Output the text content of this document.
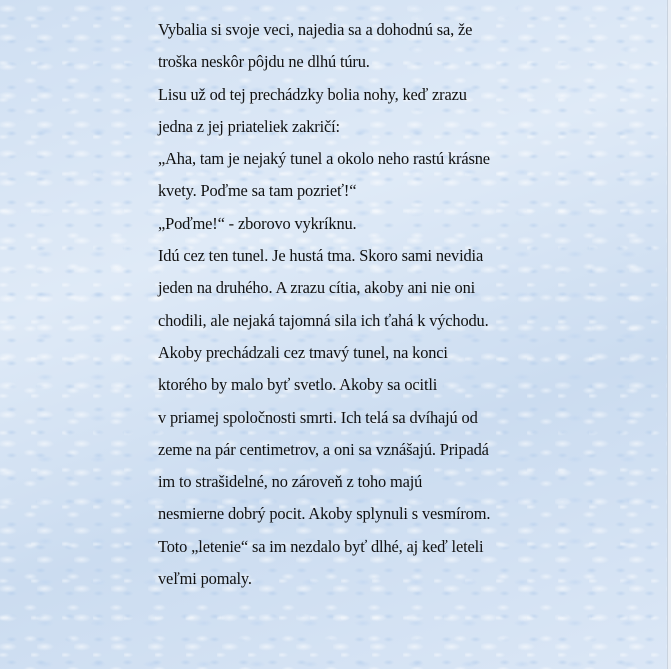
Vybalia si svoje veci, najedia sa a dohodnú sa, že
troška neskôr pôjdu ne dlhú túru.
Lisu už od tej prechádzky bolia nohy, keď zrazu
jedna z jej priateliek zakričí:
„Aha, tam je nejaký tunel a okolo neho rastú krásne
kvety. Poďme sa tam pozrieť!“
„Poďme!“ - zborovo vykríknu.
Idú cez ten tunel. Je hustá tma. Skoro sami nevidia
jeden na druhého. A zrazu cítia, akoby ani nie oni
chodili, ale nejaká tajomná sila ich ťahá k východu.
Akoby prechádzali cez tmavý tunel, na konci
ktorého by malo byť svetlo. Akoby sa ocitli
v priamej spoločnosti smrti. Ich telá sa dvíhajú od
zeme na pár centimetrov, a oni sa vznášajú. Pripadá
im to strašidelné, no zároveň z toho majú
nesmierne dobrý pocit. Akoby splynuli s vesmírom.
Toto „letenie“ sa im nezdalo byť dlhé, aj keď leteli
veľmi pomaly.
